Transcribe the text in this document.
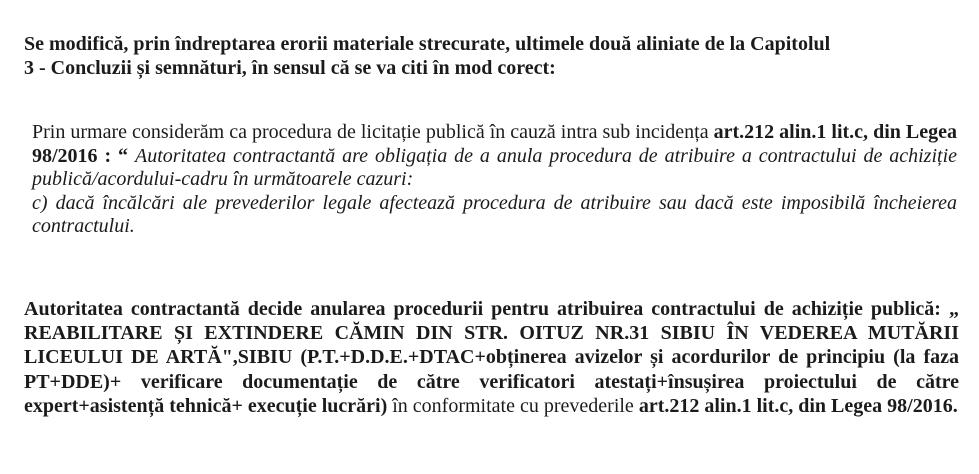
Se modifică, prin îndreptarea erorii materiale strecurate, ultimele două aliniate de la Capitolul
3 - Concluzii și semnături, în sensul că se va citi în mod corect:

Prin urmare considerăm ca procedura de licitație publică în cauză intra sub incidența art.212 alin.1 lit.c, din Legea 98/2016 : “ Autoritatea contractantă are obligația de a anula procedura de atribuire a contractului de achiziție publică/acordului-cadru în următoarele cazuri:
c) dacă încălcări ale prevederilor legale afectează procedura de atribuire sau dacă este imposibilă încheierea contractului.

Autoritatea contractantă decide anularea procedurii pentru atribuirea contractului de achiziție publică: „ REABILITARE ȘI EXTINDERE CĂMIN DIN STR. OITUZ NR.31 SIBIU ÎN VEDEREA MUTĂRII LICEULUI DE ARTĂ",SIBIU (P.T.+D.D.E.+DTAC+obținerea avizelor și acordurilor de principiu (la faza PT+DDE)+ verificare documentație de către verificatori atestați+însușirea proiectului de către expert+asistență tehnică+ execuție lucrări) în conformitate cu prevederile art.212 alin.1 lit.c, din Legea 98/2016.
